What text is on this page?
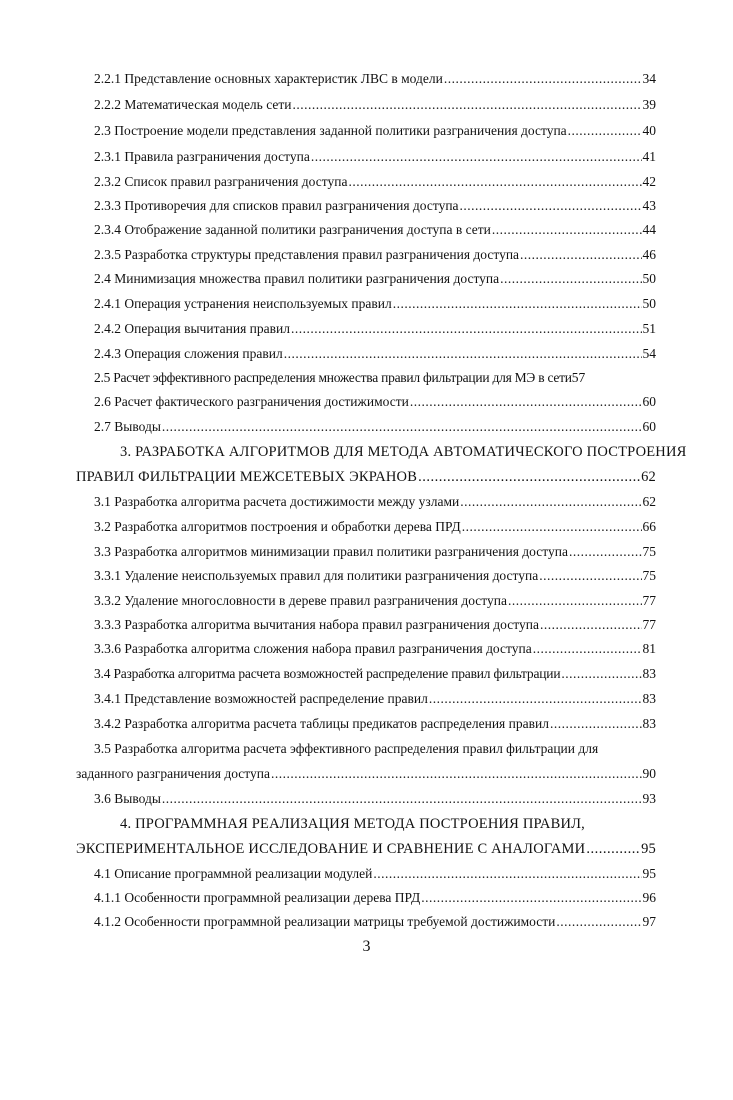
2.2.1 Представление основных характеристик ЛВС в модели .....	34
2.2.2 Математическая модель сети .....	39
2.3 Построение модели представления заданной политики разграничения доступа .....	40
2.3.1 Правила разграничения доступа .....	41
2.3.2 Список правил разграничения доступа .....	42
2.3.3 Противоречия для списков правил разграничения доступа .....	43
2.3.4 Отображение заданной политики разграничения доступа в сети .....	44
2.3.5 Разработка структуры представления правил разграничения доступа .....	46
2.4 Минимизация множества правил политики разграничения доступа .....	50
2.4.1 Операция устранения неиспользуемых правил .....	50
2.4.2 Операция вычитания правил .....	51
2.4.3 Операция сложения правил .....	54
2.5 Расчет эффективного распределения множества правил фильтрации для МЭ в сети 57
2.6 Расчет фактического разграничения достижимости .....	60
2.7 Выводы .....	60
3. РАЗРАБОТКА АЛГОРИТМОВ ДЛЯ МЕТОДА АВТОМАТИЧЕСКОГО ПОСТРОЕНИЯ
ПРАВИЛ ФИЛЬТРАЦИИ МЕЖСЕТЕВЫХ ЭКРАНОВ .....	62
3.1 Разработка алгоритма расчета достижимости между узлами .....	62
3.2 Разработка алгоритмов построения и обработки дерева ПРД .....	66
3.3 Разработка алгоритмов минимизации правил политики разграничения доступа .....	75
3.3.1 Удаление неиспользуемых правил для политики разграничения доступа .....	75
3.3.2 Удаление многословности в дереве правил разграничения доступа .....	77
3.3.3 Разработка алгоритма вычитания набора правил разграничения доступа .....	77
3.3.6 Разработка алгоритма сложения набора правил разграничения доступа .....	81
3.4 Разработка алгоритма расчета возможностей распределение правил фильтрации .....	83
3.4.1 Представление возможностей распределение правил .....	83
3.4.2 Разработка алгоритма расчета таблицы предикатов распределения правил .....	83
3.5 Разработка алгоритма расчета эффективного распределения правил фильтрации для
заданного разграничения доступа .....	90
3.6 Выводы .....	93
4. ПРОГРАММНАЯ РЕАЛИЗАЦИЯ МЕТОДА ПОСТРОЕНИЯ ПРАВИЛ,
ЭКСПЕРИМЕНТАЛЬНОЕ ИССЛЕДОВАНИЕ И СРАВНЕНИЕ С АНАЛОГАМИ .....	95
4.1 Описание программной реализации модулей .....	95
4.1.1 Особенности программной реализации дерева ПРД .....	96
4.1.2 Особенности программной реализации матрицы требуемой достижимости .....	97
3
